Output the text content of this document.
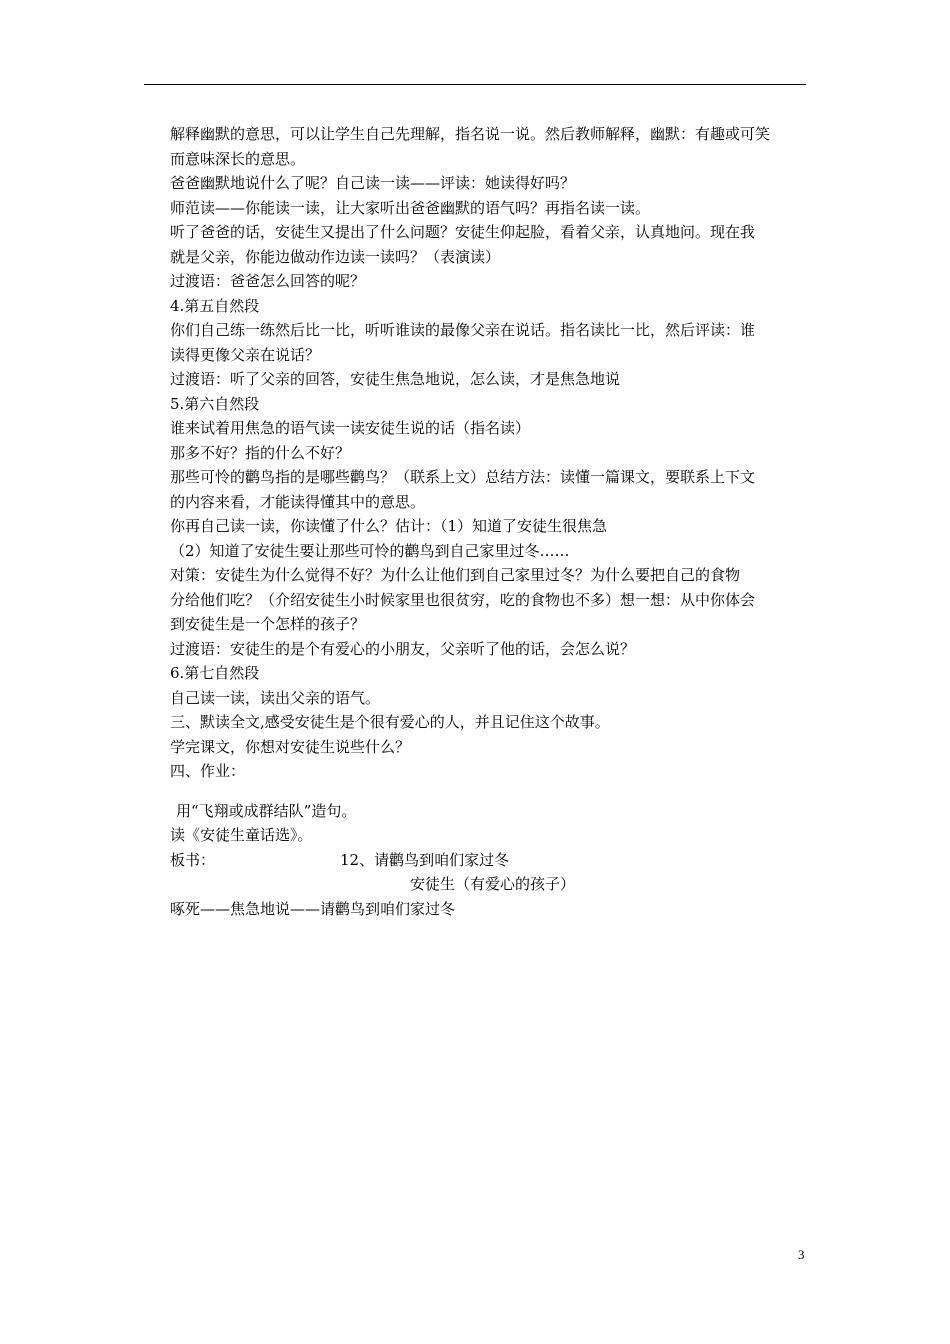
解释幽默的意思，可以让学生自己先理解，指名说一说。然后教师解释，幽默：有趣或可笑
而意味深长的意思。
爸爸幽默地说什么了呢？自己读一读——评读：她读得好吗？
师范读——你能读一读，让大家听出爸爸幽默的语气吗？再指名读一读。
听了爸爸的话，安徒生又提出了什么问题？安徒生仰起脸，看着父亲，认真地问。现在我
就是父亲，你能边做动作边读一读吗？（表演读）
过渡语：爸爸怎么回答的呢？
4.第五自然段
你们自己练一练然后比一比，听听谁读的最像父亲在说话。指名读比一比，然后评读：谁
读得更像父亲在说话？
过渡语：听了父亲的回答，安徒生焦急地说，怎么读，才是焦急地说
5.第六自然段
谁来试着用焦急的语气读一读安徒生说的话（指名读）
那多不好？指的什么不好？
那些可怜的鹳鸟指的是哪些鹳鸟？（联系上文）总结方法：读懂一篇课文，要联系上下文
的内容来看，才能读得懂其中的意思。
你再自己读一读，你读懂了什么？估计：（1）知道了安徒生很焦急
（2）知道了安徒生要让那些可怜的鹳鸟到自己家里过冬……
对策：安徒生为什么觉得不好？为什么让他们到自己家里过冬？为什么要把自己的食物
分给他们吃？（介绍安徒生小时候家里也很贫穷，吃的食物也不多）想一想：从中你体会
到安徒生是一个怎样的孩子？
过渡语：安徒生的是个有爱心的小朋友，父亲听了他的话，会怎么说？
6.第七自然段
自己读一读，读出父亲的语气。
三、默读全文,感受安徒生是个很有爱心的人，并且记住这个故事。
学完课文，你想对安徒生说些什么？
四、作业：
用“飞翔或成群结队”造句。
读《安徒生童话选》。
板书：	12、请鹳鸟到咱们家过冬
安徒生（有爱心的孩子）
啄死——焦急地说——请鹳鸟到咱们家过冬
3
